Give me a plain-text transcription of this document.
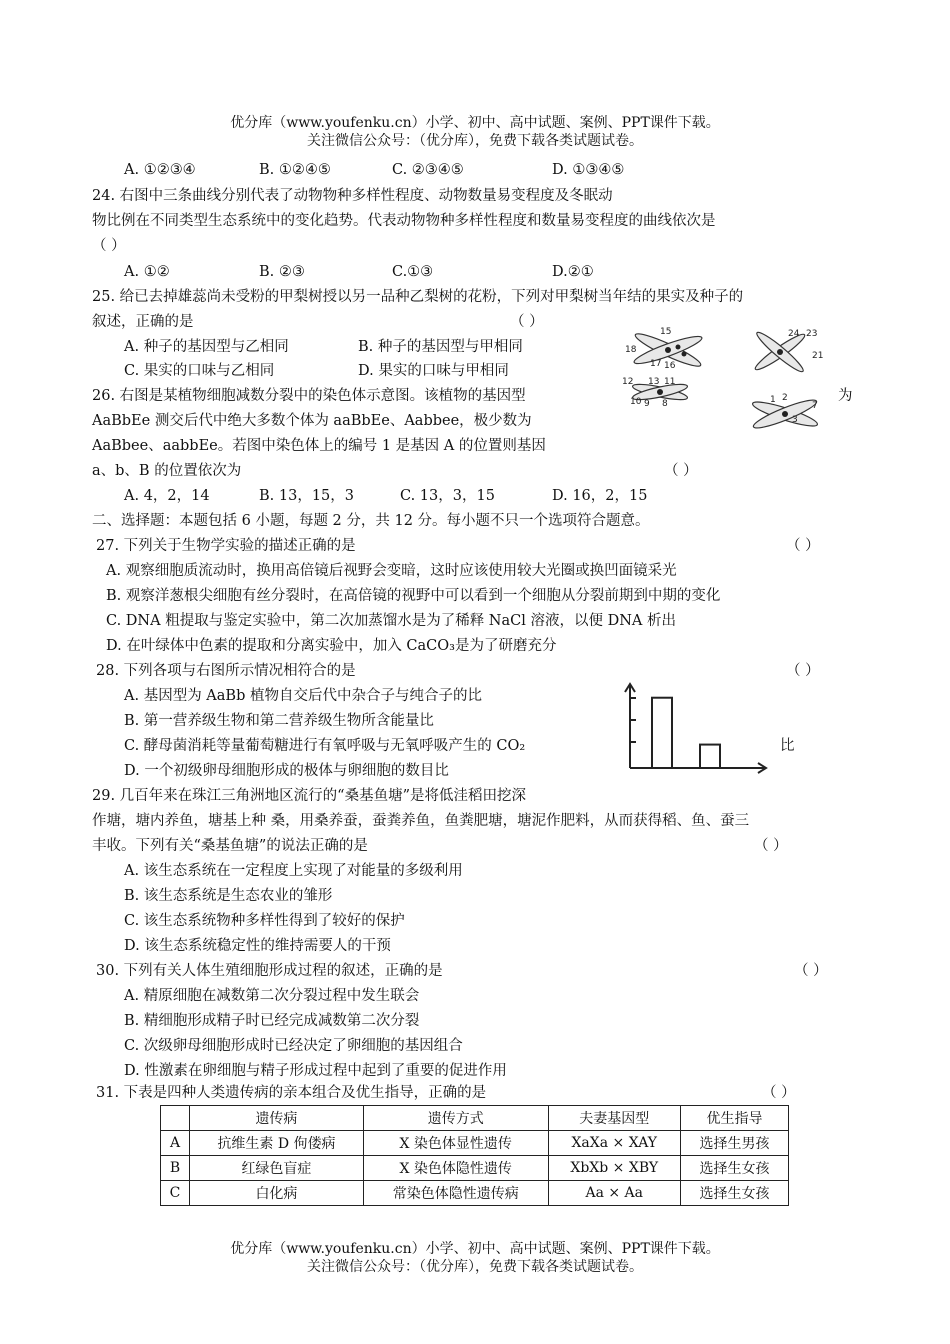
优分库（www.youfenku.cn）小学、初中、高中试题、案例、PPT课件下载。
关注微信公众号：（优分库），免费下载各类试题试卷。
A. ①②③④	B. ①②④⑤	C. ②③④⑤	D. ①③④⑤
24. 右图中三条曲线分别代表了动物物种多样性程度、动物数量易变程度及冬眠动
物比例在不同类型生态系统中的变化趋势。代表动物物种多样性程度和数量易变程度的曲线依次是
（ ）
A. ①②	B. ②③	C.①③	D.②①
25. 给已去掉雄蕊尚未受粉的甲梨树授以另一品种乙梨树的花粉，下列对甲梨树当年结的果实及种子的
叙述，正确的是	（ ）
A. 种子的基因型与乙相同	B. 种子的基因型与甲相同
C. 果实的口味与乙相同	D. 果实的口味与甲相同
15
18
17 16
12 13 11
10 9 8	1 2
3
7
24 23
21
26. 右图是某植物细胞减数分裂中的染色体示意图。该植物的基因型	为
AaBbEe 测交后代中绝大多数个体为 aaBbEe、Aabbee，极少数为
AaBbee、aabbEe。若图中染色体上的编号 1 是基因 A 的位置则基因
a、b、B 的位置依次为	（ ）
A. 4，2，14	B. 13，15，3	C. 13，3，15	D. 16，2，15
二、选择题：本题包括 6 小题，每题 2 分，共 12 分。每小题不只一个选项符合题意。
27. 下列关于生物学实验的描述正确的是	（ ）
A. 观察细胞质流动时，换用高倍镜后视野会变暗，这时应该使用较大光圈或换凹面镜采光
B. 观察洋葱根尖细胞有丝分裂时，在高倍镜的视野中可以看到一个细胞从分裂前期到中期的变化
C. DNA 粗提取与鉴定实验中，第二次加蒸馏水是为了稀释 NaCl 溶液，以便 DNA 析出
D. 在叶绿体中色素的提取和分离实验中，加入 CaCO₃是为了研磨充分
28. 下列各项与右图所示情况相符合的是	（ ）
A. 基因型为 AaBb 植物自交后代中杂合子与纯合子的比
B. 第一营养级生物和第二营养级生物所含能量比
C. 酵母菌消耗等量葡萄糖进行有氧呼吸与无氧呼吸产生的 CO₂	比
D. 一个初级卵母细胞形成的极体与卵细胞的数目比
29. 几百年来在珠江三角洲地区流行的“桑基鱼塘”是将低洼稻田挖深
作塘，塘内养鱼，塘基上种 桑，用桑养蚕，蚕粪养鱼，鱼粪肥塘，塘泥作肥料，从而获得稻、鱼、蚕三
丰收。下列有关“桑基鱼塘”的说法正确的是	（ ）
A. 该生态系统在一定程度上实现了对能量的多级利用
B. 该生态系统是生态农业的雏形
C. 该生态系统物种多样性得到了较好的保护
D. 该生态系统稳定性的维持需要人的干预
30. 下列有关人体生殖细胞形成过程的叙述，正确的是	（ ）
A. 精原细胞在减数第二次分裂过程中发生联会
B. 精细胞形成精子时已经完成减数第二次分裂
C. 次级卵母细胞形成时已经决定了卵细胞的基因组合
D. 性激素在卵细胞与精子形成过程中起到了重要的促进作用
31. 下表是四种人类遗传病的亲本组合及优生指导，正确的是	（ ）
	遗传病	遗传方式	夫妻基因型	优生指导
A	抗维生素 D 佝偻病	X 染色体显性遗传	XaXa × XAY	选择生男孩
B	红绿色盲症	X 染色体隐性遗传	XbXb × XBY	选择生女孩
C	白化病	常染色体隐性遗传病	Aa × Aa	选择生女孩
优分库（www.youfenku.cn）小学、初中、高中试题、案例、PPT课件下载。
关注微信公众号：（优分库），免费下载各类试题试卷。
